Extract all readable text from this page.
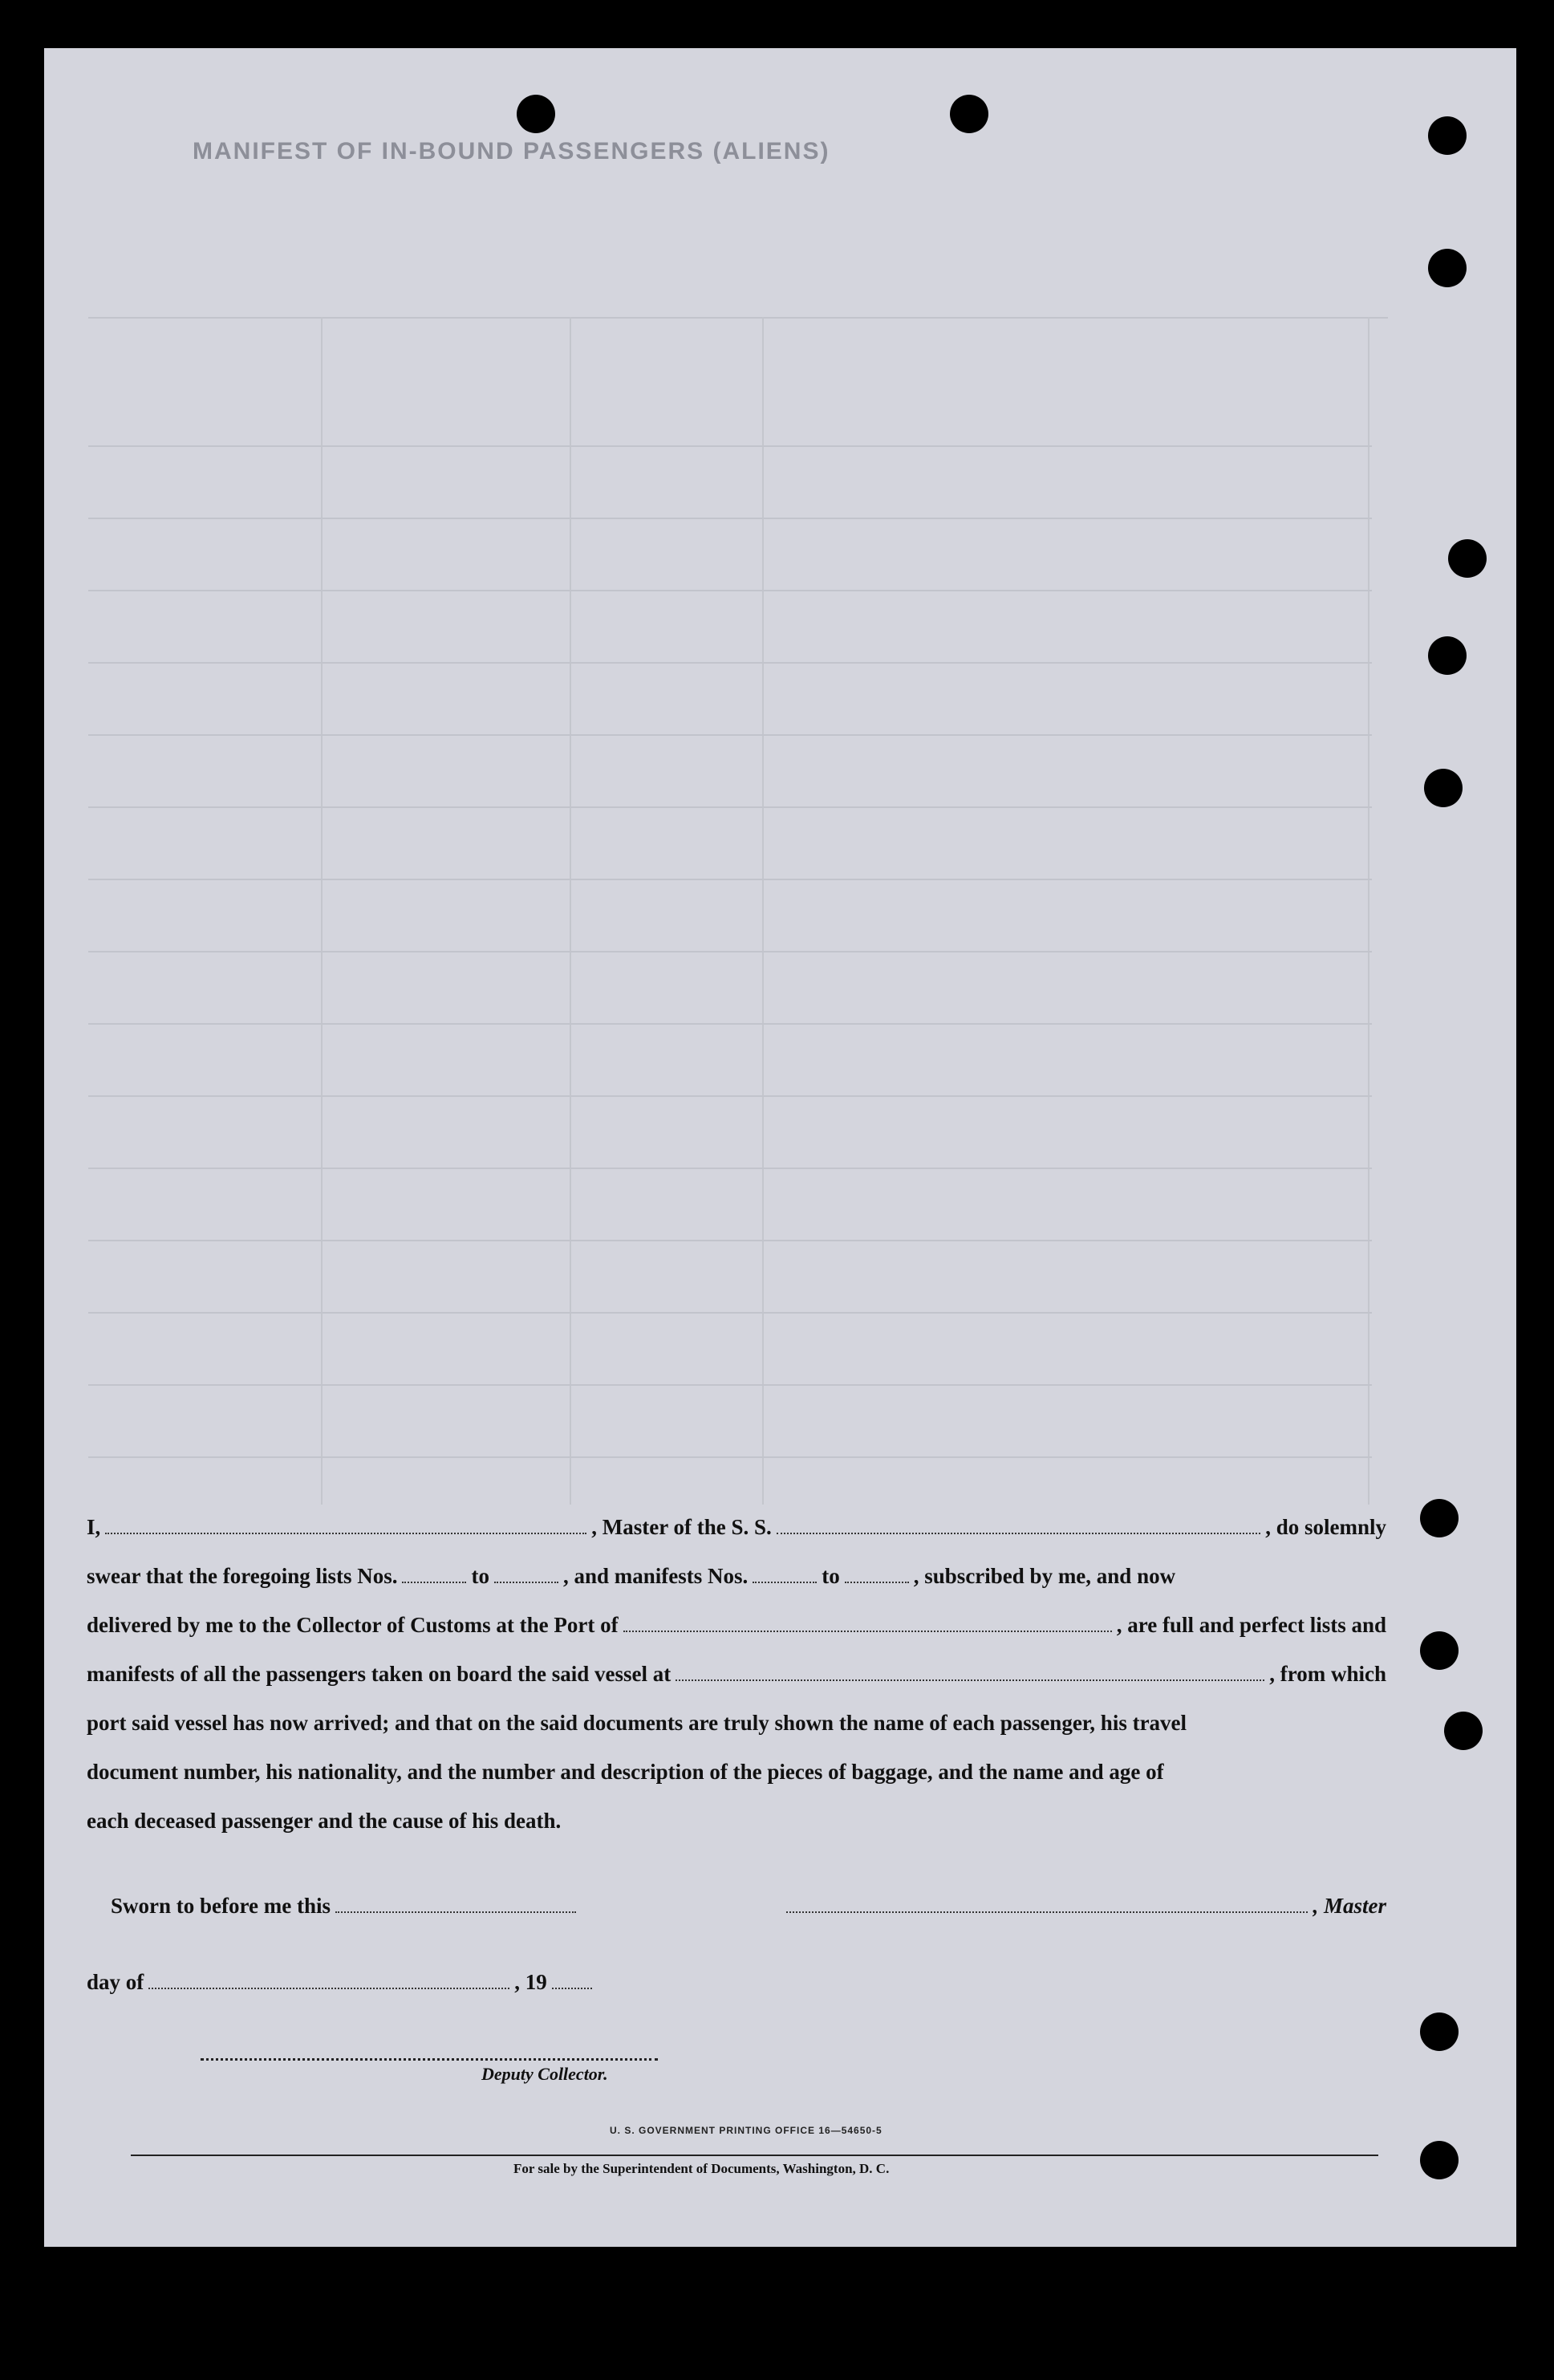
MANIFEST OF IN-BOUND PASSENGERS (ALIENS)
I,	, Master of the S. S.	, do solemnly
swear that the foregoing lists Nos.	to	, and manifests Nos.	to	, subscribed by me, and now
delivered by me to the Collector of Customs at the Port of	, are full and perfect lists and
manifests of all the passengers taken on board the said vessel at	, from which
port said vessel has now arrived; and that on the said documents are truly shown the name of each passenger, his travel
document number, his nationality, and the number and description of the pieces of baggage, and the name and age of
each deceased passenger and the cause of his death.
Sworn to before me this	, Master
day of	, 19
Deputy Collector.
U. S. GOVERNMENT PRINTING OFFICE 16—54650-5
For sale by the Superintendent of Documents, Washington, D. C.
